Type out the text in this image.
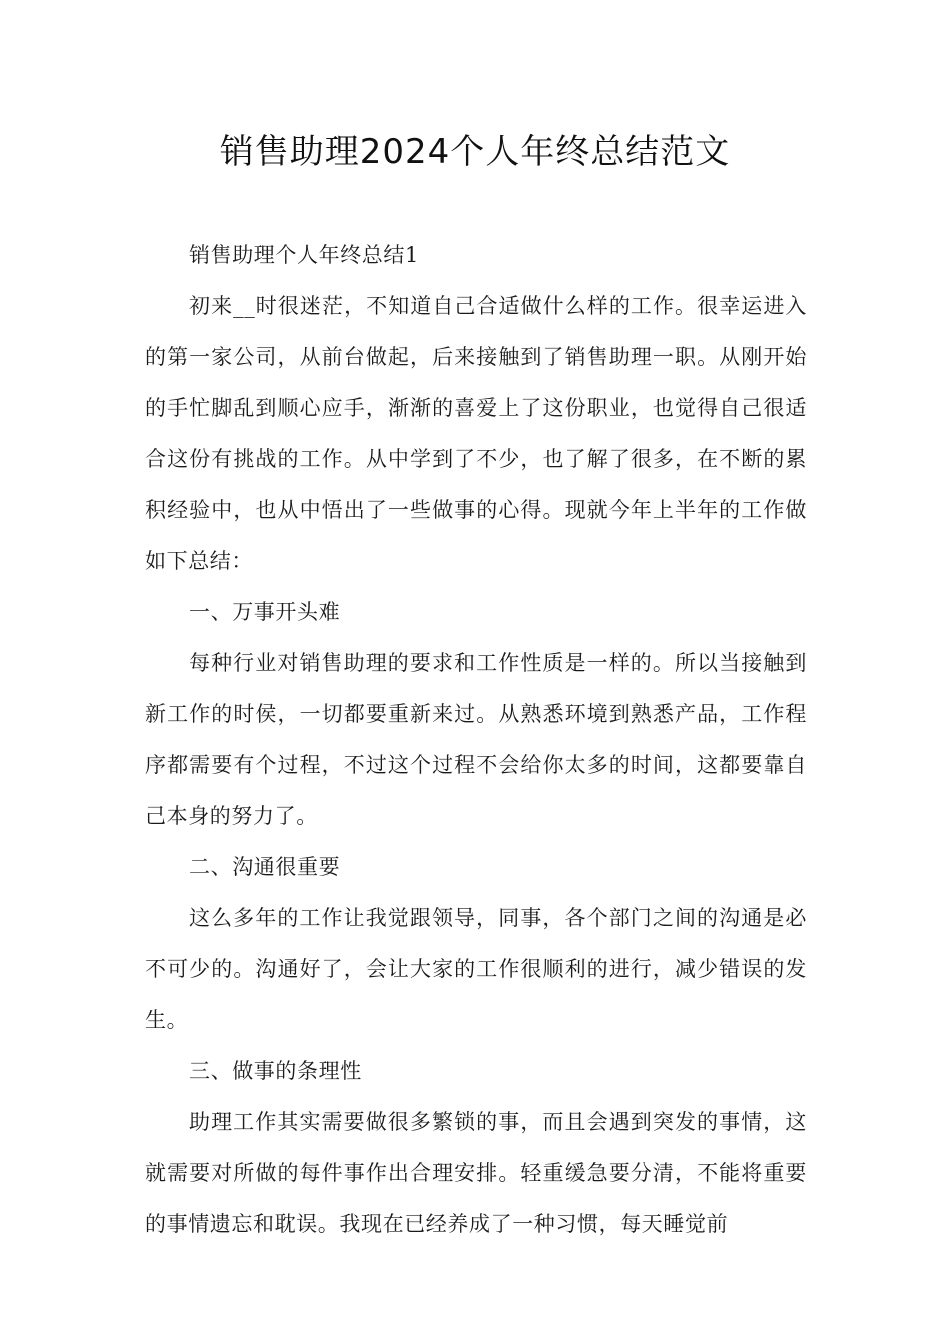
销售助理2024个人年终总结范文

销售助理个人年终总结1

初来__时很迷茫，不知道自己合适做什么样的工作。很幸运进入的第一家公司，从前台做起，后来接触到了销售助理一职。从刚开始的手忙脚乱到顺心应手，渐渐的喜爱上了这份职业，也觉得自己很适合这份有挑战的工作。从中学到了不少，也了解了很多，在不断的累积经验中，也从中悟出了一些做事的心得。现就今年上半年的工作做如下总结：

一、万事开头难

每种行业对销售助理的要求和工作性质是一样的。所以当接触到新工作的时侯，一切都要重新来过。从熟悉环境到熟悉产品，工作程序都需要有个过程，不过这个过程不会给你太多的时间，这都要靠自己本身的努力了。

二、沟通很重要

这么多年的工作让我觉跟领导，同事，各个部门之间的沟通是必不可少的。沟通好了，会让大家的工作很顺利的进行，减少错误的发生。

三、做事的条理性

助理工作其实需要做很多繁锁的事，而且会遇到突发的事情，这就需要对所做的每件事作出合理安排。轻重缓急要分清，不能将重要的事情遗忘和耽误。我现在已经养成了一种习惯，每天睡觉前
